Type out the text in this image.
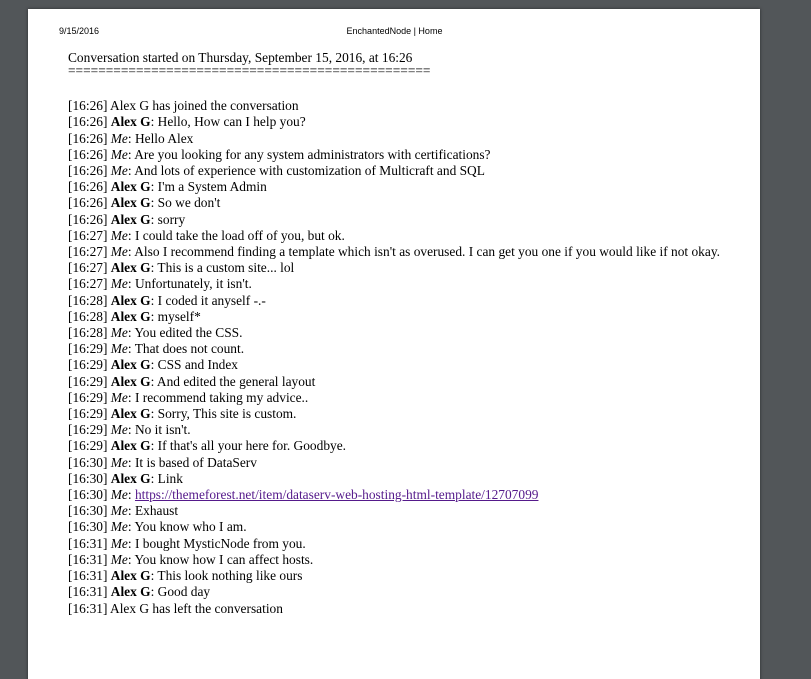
9/15/2016	EnchantedNode | Home

Conversation started on Thursday, September 15, 2016, at 16:26

================================================
[16:26] Alex G has joined the conversation
[16:26] Alex G: Hello, How can I help you?
[16:26] Me: Hello Alex
[16:26] Me: Are you looking for any system administrators with certifications?
[16:26] Me: And lots of experience with customization of Multicraft and SQL
[16:26] Alex G: I'm a System Admin
[16:26] Alex G: So we don't
[16:26] Alex G: sorry
[16:27] Me: I could take the load off of you, but ok.
[16:27] Me: Also I recommend finding a template which isn't as overused. I can get you one if you would like if not okay.
[16:27] Alex G: This is a custom site... lol
[16:27] Me: Unfortunately, it isn't.
[16:28] Alex G: I coded it anyself -.-
[16:28] Alex G: myself*
[16:28] Me: You edited the CSS.
[16:29] Me: That does not count.
[16:29] Alex G: CSS and Index
[16:29] Alex G: And edited the general layout
[16:29] Me: I recommend taking my advice..
[16:29] Alex G: Sorry, This site is custom.
[16:29] Me: No it isn't.
[16:29] Alex G: If that's all your here for. Goodbye.
[16:30] Me: It is based of DataServ
[16:30] Alex G: Link
[16:30] Me: https://themeforest.net/item/dataserv-web-hosting-html-template/12707099
[16:30] Me: Exhaust
[16:30] Me: You know who I am.
[16:31] Me: I bought MysticNode from you.
[16:31] Me: You know how I can affect hosts.
[16:31] Alex G: This look nothing like ours
[16:31] Alex G: Good day
[16:31] Alex G has left the conversation
